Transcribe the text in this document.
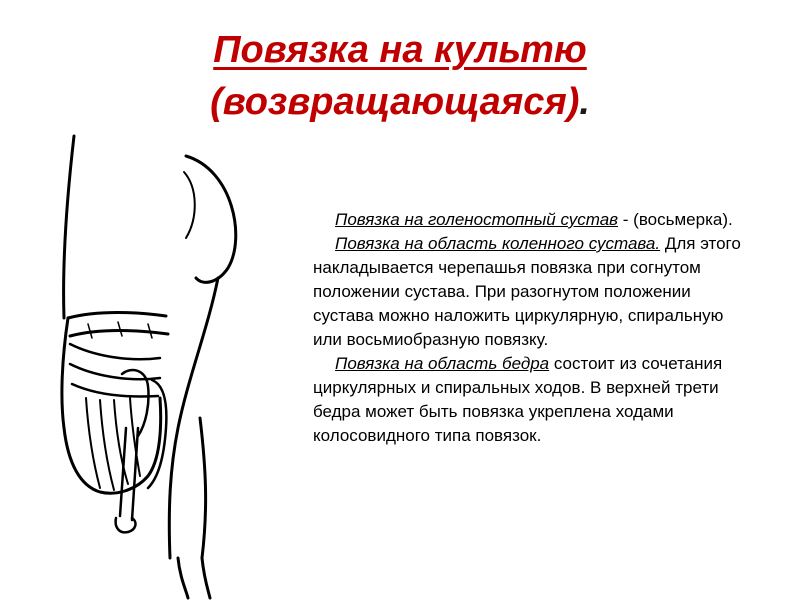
Повязка на культю
(возвращающаяся).

Повязка на голеностопный сустав - (восьмерка).

Повязка на область коленного сустава. Для этого накладывается черепашья повязка при согнутом положении сустава. При разогнутом положении сустава можно наложить циркулярную, спиральную или восьмиобразную повязку.

Повязка на область бедра состоит из сочетания циркулярных и спиральных ходов. В верхней трети бедра может быть повязка укреплена ходами колосовидного типа повязок.
